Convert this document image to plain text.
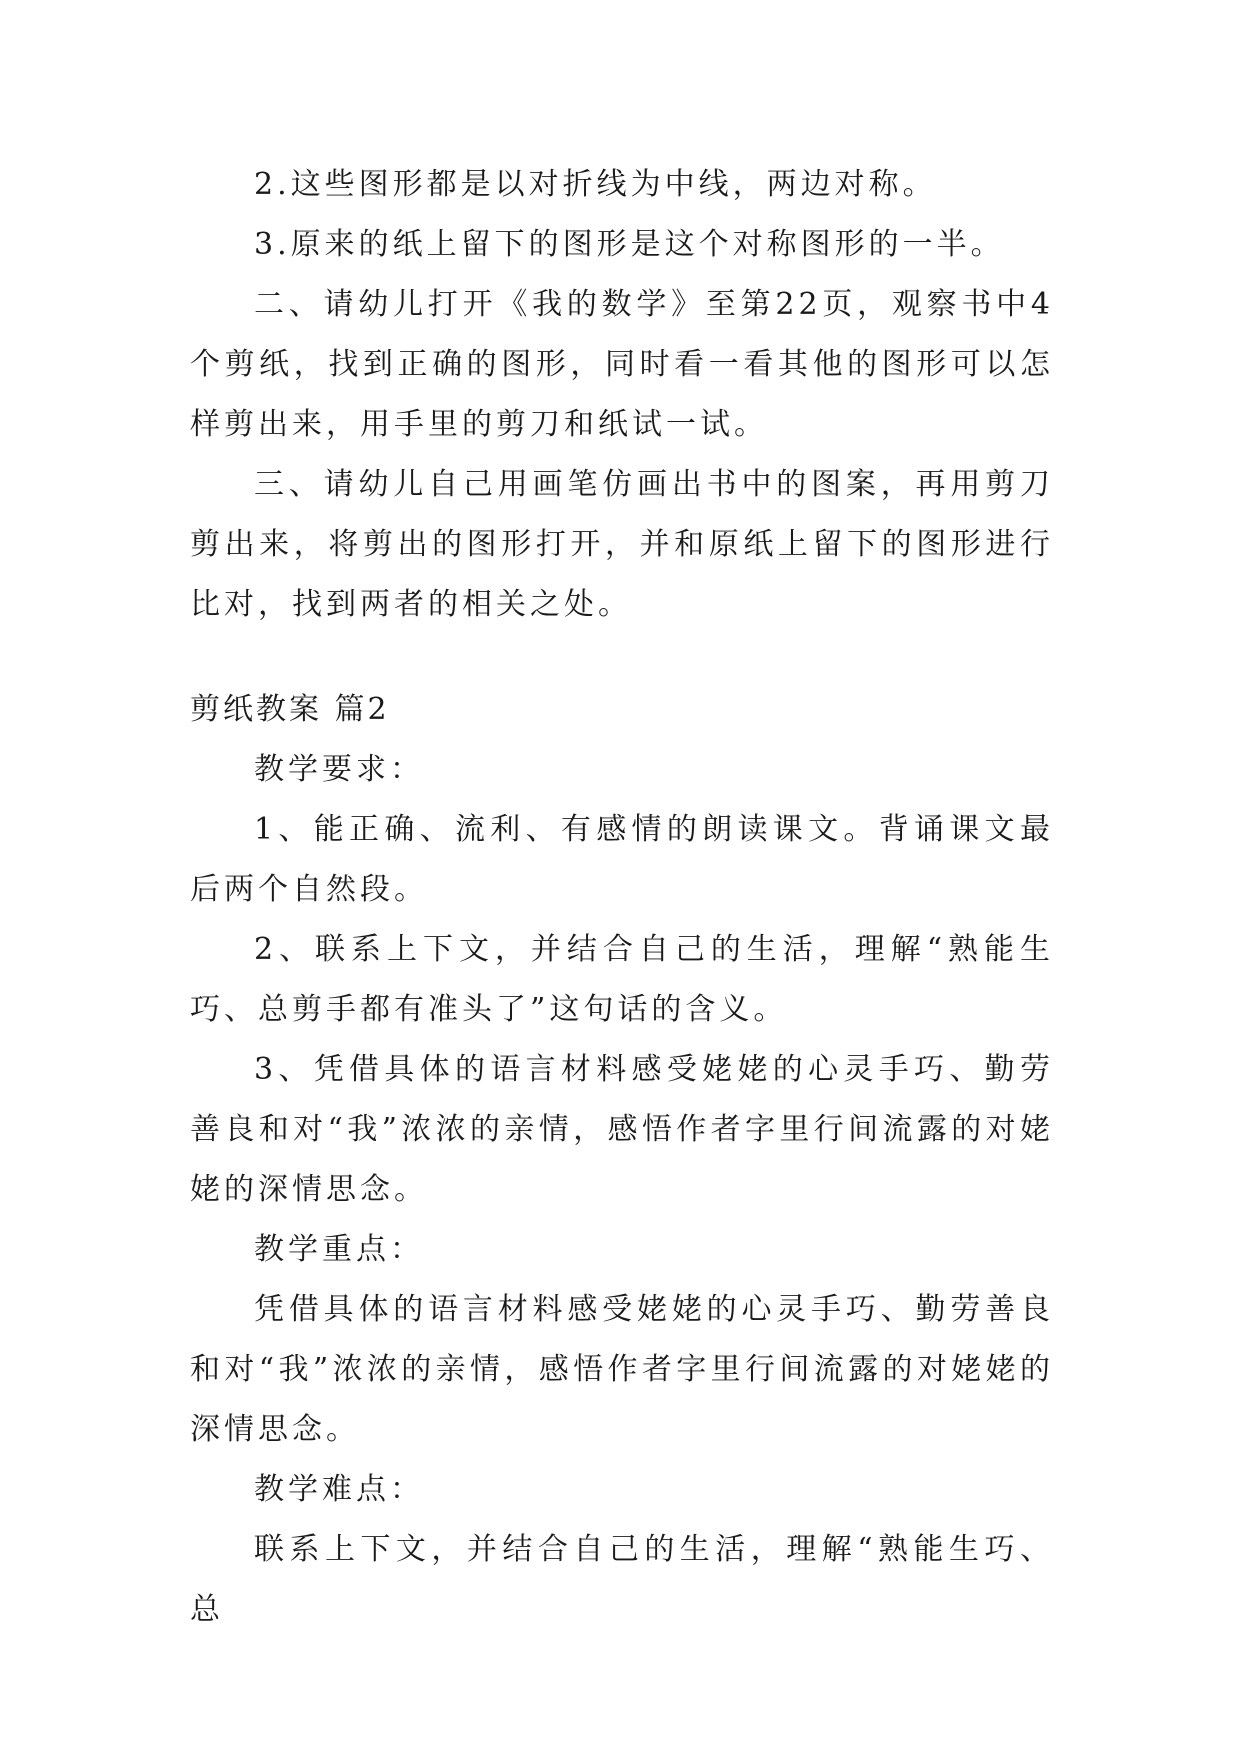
2.这些图形都是以对折线为中线，两边对称。

3.原来的纸上留下的图形是这个对称图形的一半。

二、请幼儿打开《我的数学》至第22页，观察书中4个剪纸，找到正确的图形，同时看一看其他的图形可以怎样剪出来，用手里的剪刀和纸试一试。

三、请幼儿自己用画笔仿画出书中的图案，再用剪刀剪出来，将剪出的图形打开，并和原纸上留下的图形进行比对，找到两者的相关之处。

剪纸教案 篇2

教学要求：

1、能正确、流利、有感情的朗读课文。背诵课文最后两个自然段。

2、联系上下文，并结合自己的生活，理解“熟能生巧、总剪手都有准头了”这句话的含义。

3、凭借具体的语言材料感受姥姥的心灵手巧、勤劳善良和对“我”浓浓的亲情，感悟作者字里行间流露的对姥姥的深情思念。

教学重点：

凭借具体的语言材料感受姥姥的心灵手巧、勤劳善良和对“我”浓浓的亲情，感悟作者字里行间流露的对姥姥的深情思念。

教学难点：

联系上下文，并结合自己的生活，理解“熟能生巧、总
